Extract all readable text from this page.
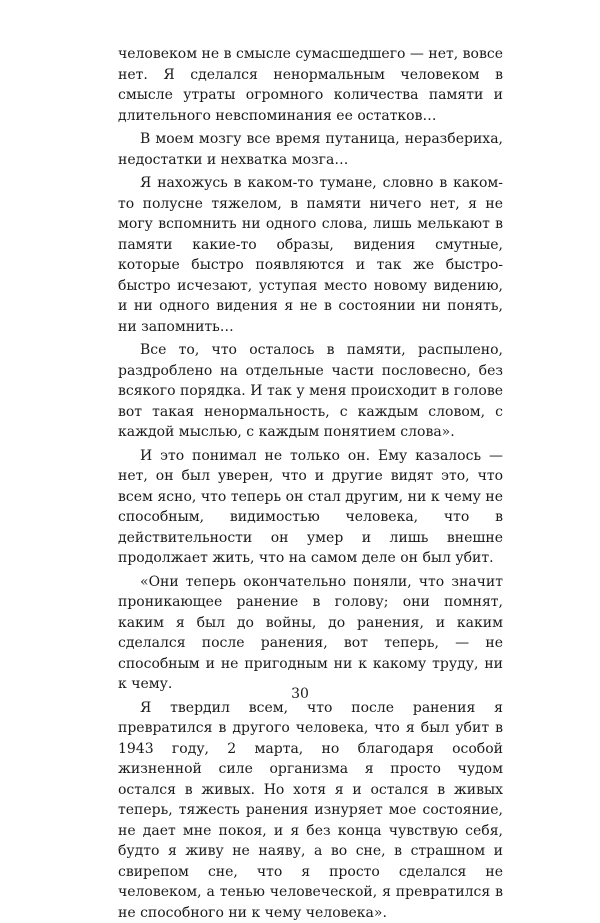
человеком не в смысле сумасшедшего — нет, вовсе нет. Я сделался ненормальным человеком в смысле утраты огромного количества памяти и длительного невспоминания ее остатков…

В моем мозгу все время путаница, неразбериха, недостатки и нехватка мозга…

Я нахожусь в каком-то тумане, словно в каком-то полусне тяжелом, в памяти ничего нет, я не могу вспомнить ни одного слова, лишь мелькают в памяти какие-то образы, видения смутные, которые быстро появляются и так же быстро-быстро исчезают, уступая место новому видению, и ни одного видения я не в состоянии ни понять, ни запомнить…

Все то, что осталось в памяти, распылено, раздроблено на отдельные части пословесно, без всякого порядка. И так у меня происходит в голове вот такая ненормальность, с каждым словом, с каждой мыслью, с каждым понятием слова».

И это понимал не только он. Ему казалось — нет, он был уверен, что и другие видят это, что всем ясно, что теперь он стал другим, ни к чему не способным, видимостью человека, что в действительности он умер и лишь внешне продолжает жить, что на самом деле он был убит.

«Они теперь окончательно поняли, что значит проникающее ранение в голову; они помнят, каким я был до войны, до ранения, и каким сделался после ранения, вот теперь, — не способным и не пригодным ни к какому труду, ни к чему.

Я твердил всем, что после ранения я превратился в другого человека, что я был убит в 1943 году, 2 марта, но благодаря особой жизненной силе организма я просто чудом остался в живых. Но хотя я и остался в живых теперь, тяжесть ранения изнуряет мое состояние, не дает мне покоя, и я без конца чувствую себя, будто я живу не наяву, а во сне, в страшном и свирепом сне, что я просто сделался не человеком, а тенью человеческой, я превратился в не способного ни к чему человека».

30
